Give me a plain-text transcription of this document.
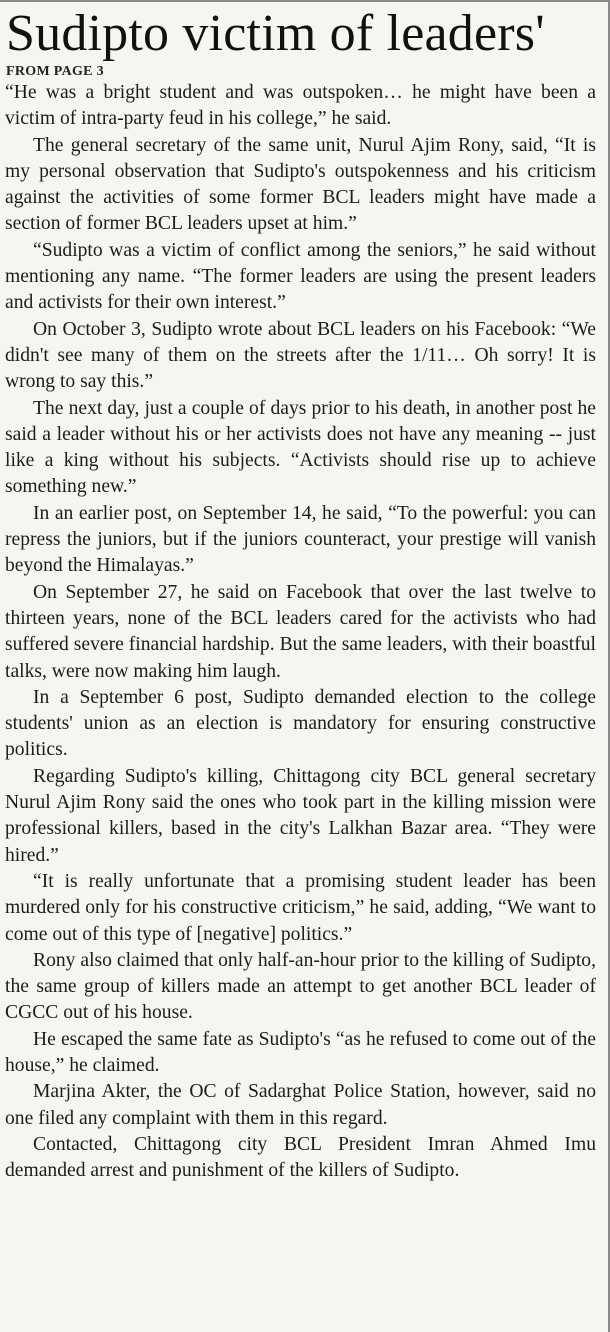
Sudipto victim of leaders'
FROM PAGE 3

“He was a bright student and was outspoken… he might have been a victim of intra-party feud in his college,” he said.

The general secretary of the same unit, Nurul Ajim Rony, said, “It is my personal observation that Sudipto's outspokenness and his criticism against the activities of some former BCL leaders might have made a section of former BCL leaders upset at him.”

“Sudipto was a victim of conflict among the seniors,” he said without mentioning any name. “The former leaders are using the present leaders and activists for their own interest.”

On October 3, Sudipto wrote about BCL leaders on his Facebook: “We didn't see many of them on the streets after the 1/11… Oh sorry! It is wrong to say this.”

The next day, just a couple of days prior to his death, in another post he said a leader without his or her activists does not have any meaning -- just like a king without his subjects. “Activists should rise up to achieve something new.”

In an earlier post, on September 14, he said, “To the powerful: you can repress the juniors, but if the juniors counteract, your prestige will vanish beyond the Himalayas.”

On September 27, he said on Facebook that over the last twelve to thirteen years, none of the BCL leaders cared for the activists who had suffered severe financial hardship. But the same leaders, with their boastful talks, were now making him laugh.

In a September 6 post, Sudipto demanded election to the college students' union as an election is mandatory for ensuring constructive politics.

Regarding Sudipto's killing, Chittagong city BCL general secretary Nurul Ajim Rony said the ones who took part in the killing mission were professional killers, based in the city's Lalkhan Bazar area. “They were hired.”

“It is really unfortunate that a promising student leader has been murdered only for his constructive criticism,” he said, adding, “We want to come out of this type of [negative] politics.”

Rony also claimed that only half-an-hour prior to the killing of Sudipto, the same group of killers made an attempt to get another BCL leader of CGCC out of his house.

He escaped the same fate as Sudipto's “as he refused to come out of the house,” he claimed.

Marjina Akter, the OC of Sadarghat Police Station, however, said no one filed any complaint with them in this regard.

Contacted, Chittagong city BCL President Imran Ahmed Imu demanded arrest and punishment of the killers of Sudipto.
